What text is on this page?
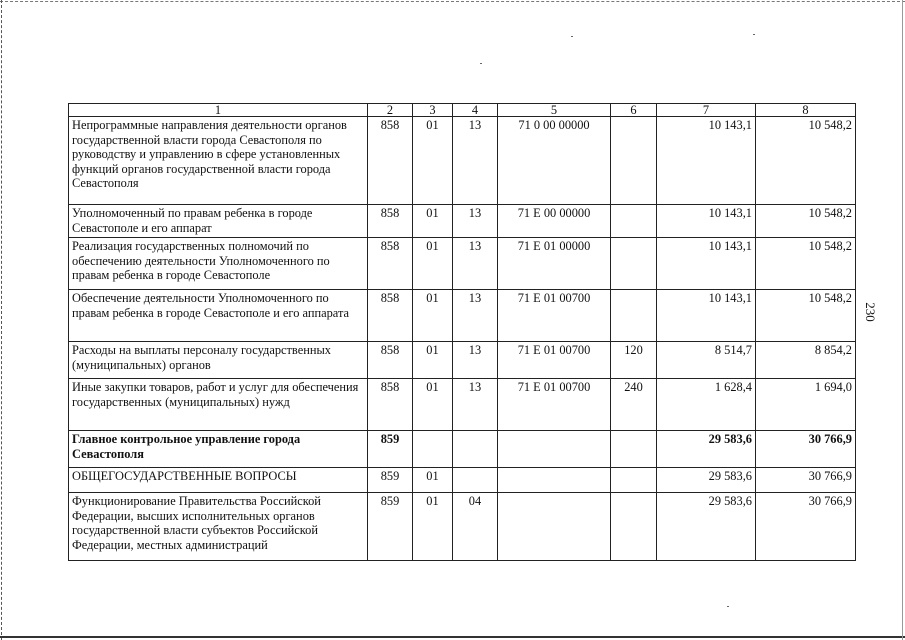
1	2	3	4	5	6	7	8
Непрограммные направления деятельности органов государственной власти города Севастополя по руководству и управлению в сфере установленных функций органов государственной власти города Севастополя	858	01	13	71 0 00 00000		10 143,1	10 548,2
Уполномоченный по правам ребенка в городе Севастополе и его аппарат	858	01	13	71 Е 00 00000		10 143,1	10 548,2
Реализация государственных полномочий по обеспечению деятельности Уполномоченного по правам ребенка в городе Севастополе	858	01	13	71 Е 01 00000		10 143,1	10 548,2
Обеспечение деятельности Уполномоченного по правам ребенка в городе Севастополе и его аппарата	858	01	13	71 Е 01 00700		10 143,1	10 548,2
Расходы на выплаты персоналу государственных (муниципальных) органов	858	01	13	71 Е 01 00700	120	8 514,7	8 854,2
Иные закупки товаров, работ и услуг для обеспечения государственных (муниципальных) нужд	858	01	13	71 Е 01 00700	240	1 628,4	1 694,0
Главное контрольное управление города Севастополя	859					29 583,6	30 766,9
ОБЩЕГОСУДАРСТВЕННЫЕ ВОПРОСЫ	859	01				29 583,6	30 766,9
Функционирование Правительства Российской Федерации, высших исполнительных органов государственной власти субъектов Российской Федерации, местных администраций	859	01	04			29 583,6	30 766,9
230
